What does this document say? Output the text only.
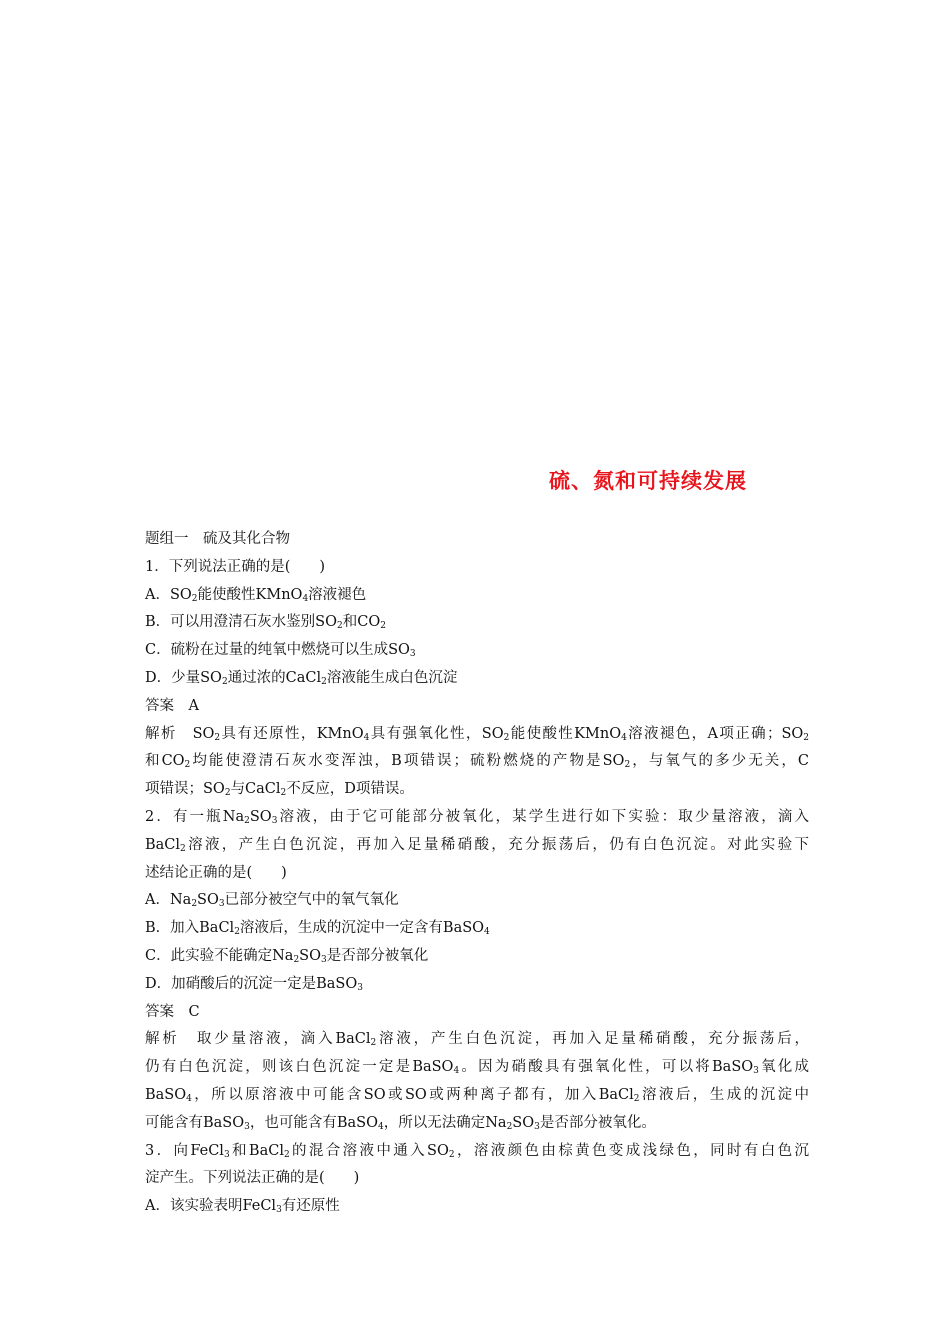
硫、氮和可持续发展
题组一　硫及其化合物
1．下列说法正确的是(　　)
A．$SO_2$能使酸性KMnO$_4$溶液褪色
B．可以用澄清石灰水鉴别$SO_2$和$CO_2$
C．硫粉在过量的纯氧中燃烧可以生成$SO_3$
D．少量$SO_2$通过浓的CaCl$_2$溶液能生成白色沉淀
答案　A
解析　$SO_2$具有还原性，KMnO$_4$具有强氧化性，$SO_2$能使酸性KMnO$_4$溶液褪色，A项正确；$SO_2$
和$CO_2$均能使澄清石灰水变浑浊，B项错误；硫粉燃烧的产物是$SO_2$，与氧气的多少无关，C
项错误；$SO_2$与CaCl$_2$不反应，D项错误。
2．有一瓶$Na_2SO_3$溶液，由于它可能部分被氧化，某学生进行如下实验：取少量溶液，滴入
BaCl$_2$溶液，产生白色沉淀，再加入足量稀硝酸，充分振荡后，仍有白色沉淀。对此实验下
述结论正确的是(　　)
A．$Na_2SO_3$已部分被空气中的氧气氧化
B．加入BaCl$_2$溶液后，生成的沉淀中一定含有BaSO$_4$
C．此实验不能确定$Na_2SO_3$是否部分被氧化
D．加硝酸后的沉淀一定是BaSO$_3$
答案　C
解析　取少量溶液，滴入BaCl$_2$溶液，产生白色沉淀，再加入足量稀硝酸，充分振荡后，
仍有白色沉淀，则该白色沉淀一定是BaSO$_4$。因为硝酸具有强氧化性，可以将BaSO$_3$氧化成
BaSO$_4$，所以原溶液中可能含SO或SO或两种离子都有，加入BaCl$_2$溶液后，生成的沉淀中
可能含有BaSO$_3$，也可能含有BaSO$_4$，所以无法确定$Na_2SO_3$是否部分被氧化。
3．向FeCl$_3$和BaCl$_2$的混合溶液中通入$SO_2$，溶液颜色由棕黄色变成浅绿色，同时有白色沉
淀产生。下列说法正确的是(　　)
A．该实验表明FeCl$_3$有还原性
